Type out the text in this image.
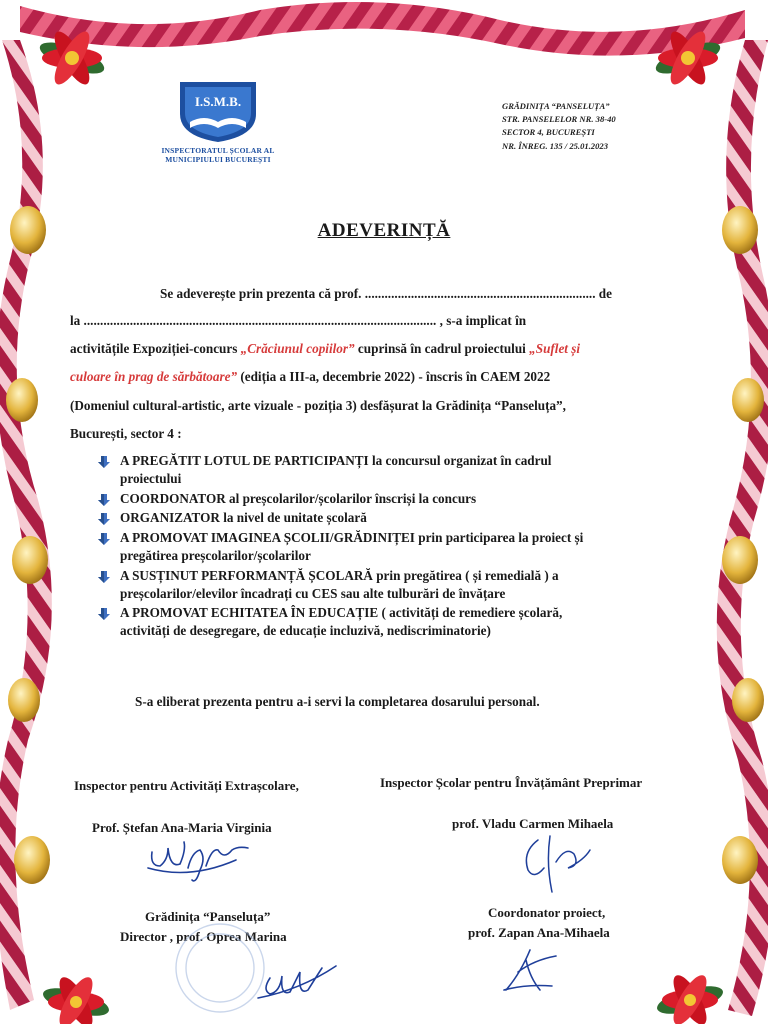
I.S.M.B.
INSPECTORATUL ȘCOLAR AL
MUNICIPIULUI BUCUREȘTI
GRĂDINIȚA “PANSELUȚA”
STR. PANSELELOR NR. 38-40
SECTOR 4, BUCUREȘTI
NR. ÎNREG. 135 / 25.01.2023
ADEVERINȚĂ
Se adeverește prin prezenta că prof. ...................................................................... de
la ........................................................................................................... , s-a implicat în
activitățile Expoziției-concurs „Crăciunul copiilor” cuprinsă în cadrul proiectului „Suflet și
culoare în prag de sărbătoare” (ediția a III-a, decembrie 2022) - înscris în CAEM 2022
(Domeniul cultural-artistic, arte vizuale - poziția 3) desfășurat la Grădinița “Panseluța”,
București, sector 4 :
A PREGĂTIT LOTUL DE PARTICIPANȚI la concursul organizat în cadrul
proiectului
COORDONATOR al preșcolarilor/școlarilor înscriși la concurs
ORGANIZATOR la nivel de unitate școlară
A PROMOVAT IMAGINEA ȘCOLII/GRĂDINIȚEI prin participarea la proiect și
pregătirea preșcolarilor/școlarilor
A SUSȚINUT PERFORMANȚĂ ȘCOLARĂ prin pregătirea ( și remedială ) a
preșcolarilor/elevilor încadrați cu CES sau alte tulburări de învățare
A PROMOVAT ECHITATEA ÎN EDUCAȚIE ( activități de remediere școlară,
activități de desegregare, de educație incluzivă, nediscriminatorie)
S-a eliberat prezenta pentru a-i servi la completarea dosarului personal.
Inspector pentru Activități Extrașcolare,
Prof. Ștefan Ana-Maria Virginia
Inspector Școlar pentru Învățământ Preprimar
prof. Vladu Carmen Mihaela
Grădinița “Panseluța”
Director , prof. Oprea Marina
Coordonator proiect,
prof. Zapan Ana-Mihaela
